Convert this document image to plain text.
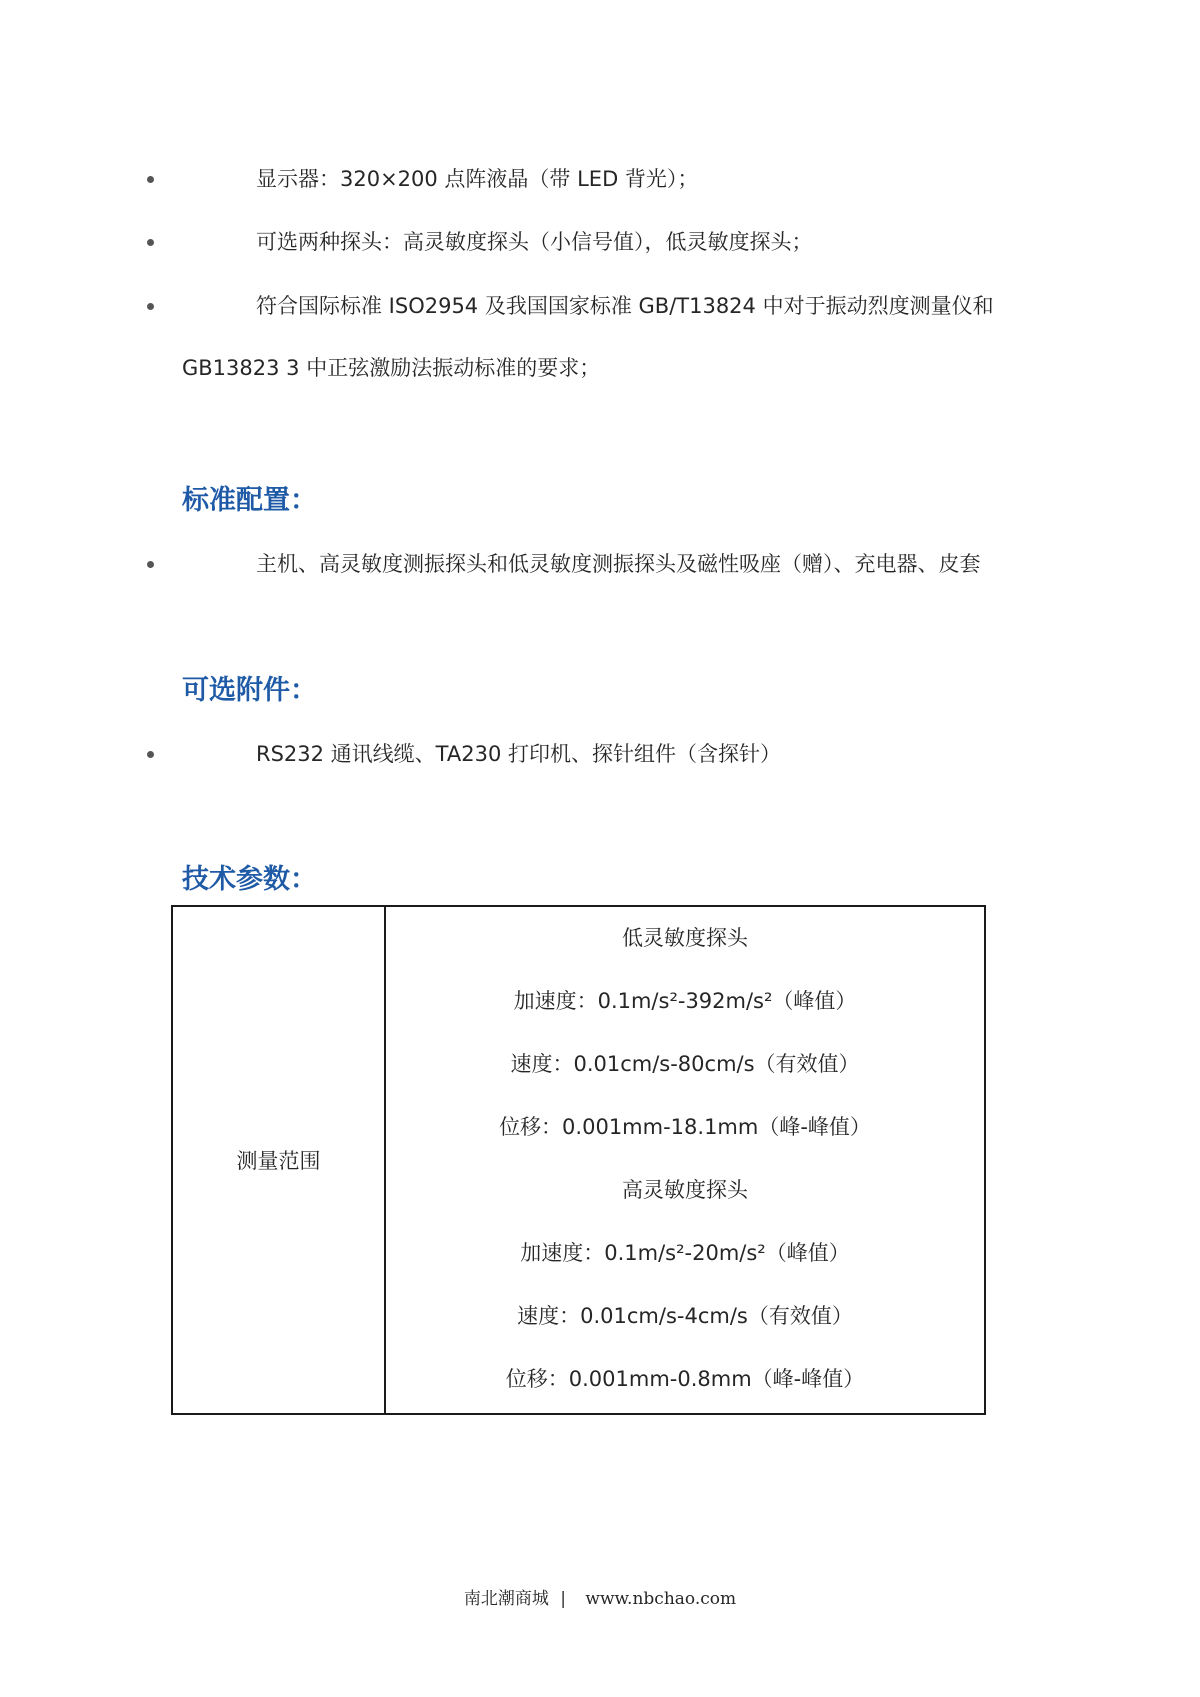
显示器：320×200 点阵液晶（带 LED 背光）；
可选两种探头：高灵敏度探头（小信号值），低灵敏度探头；
符合国际标准 ISO2954 及我国国家标准 GB/T13824 中对于振动烈度测量仪和
GB13823 3 中正弦激励法振动标准的要求；
标准配置：
主机、高灵敏度测振探头和低灵敏度测振探头及磁性吸座（赠）、充电器、皮套
可选附件：
RS232 通讯线缆、TA230 打印机、探针组件（含探针）
技术参数：
测量范围	
低灵敏度探头
加速度：0.1m/s²-392m/s²（峰值）
速度：0.01cm/s-80cm/s（有效值）
位移：0.001mm-18.1mm（峰-峰值）
高灵敏度探头
加速度：0.1m/s²-20m/s²（峰值）
速度：0.01cm/s-4cm/s（有效值）
位移：0.001mm-0.8mm（峰-峰值）
南北潮商城 | www.nbchao.com
